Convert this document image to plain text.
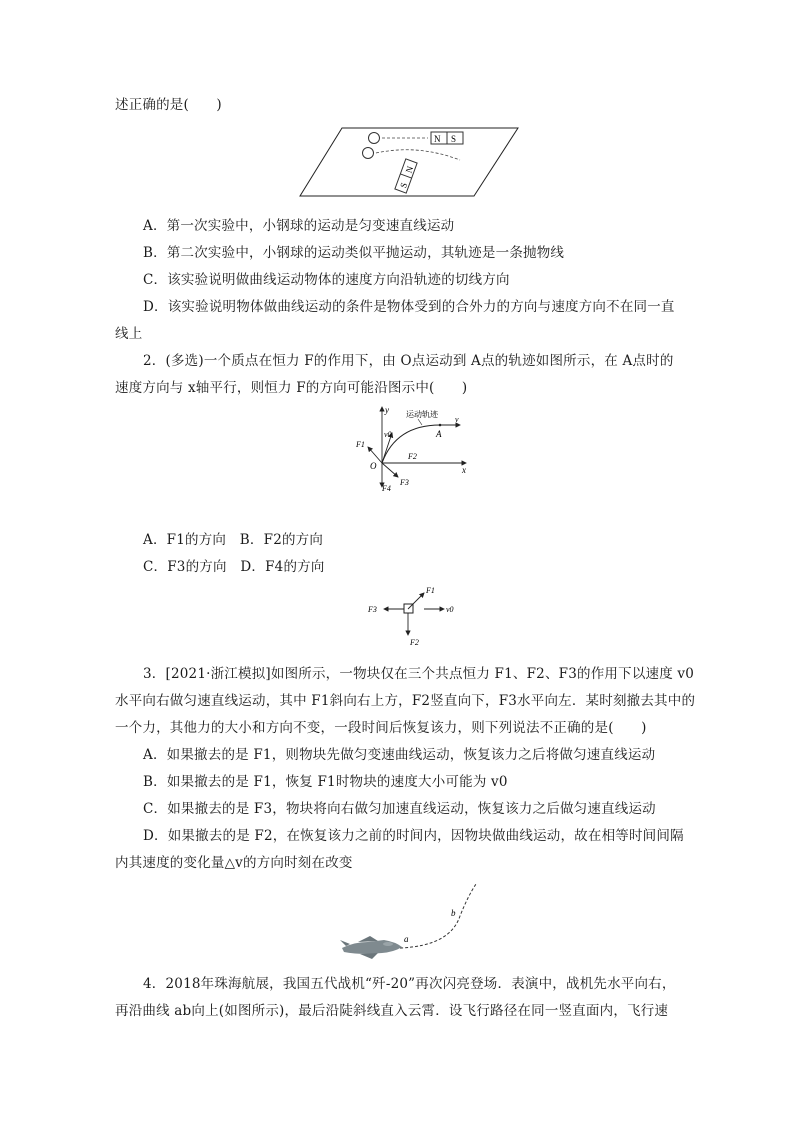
述正确的是(　　)
N S
S
N
A．第一次实验中，小钢球的运动是匀变速直线运动
B．第二次实验中，小钢球的运动类似平抛运动，其轨迹是一条抛物线
C．该实验说明做曲线运动物体的速度方向沿轨迹的切线方向
D．该实验说明物体做曲线运动的条件是物体受到的合外力的方向与速度方向不在同一直
线上
2．(多选)一个质点在恒力 F的作用下，由 O点运动到 A点的轨迹如图所示，在 A点时的
速度方向与 x轴平行，则恒力 F的方向可能沿图示中(　　)
y
x
O
v
A
运动轨迹
v0
F1
F2
F3
F4
A．F1的方向　B．F2的方向
C．F3的方向　D．F4的方向
F1
F2
F3	v0
3．[2021·浙江模拟]如图所示，一物块仅在三个共点恒力 F1、F2、F3的作用下以速度 v0
水平向右做匀速直线运动，其中 F1斜向右上方，F2竖直向下，F3水平向左．某时刻撤去其中的
一个力，其他力的大小和方向不变，一段时间后恢复该力，则下列说法不正确的是(　　)
A．如果撤去的是 F1，则物块先做匀变速曲线运动，恢复该力之后将做匀速直线运动
B．如果撤去的是 F1，恢复 F1时物块的速度大小可能为 v0
C．如果撤去的是 F3，物块将向右做匀加速直线运动，恢复该力之后做匀速直线运动
D．如果撤去的是 F2，在恢复该力之前的时间内，因物块做曲线运动，故在相等时间间隔
内其速度的变化量△v的方向时刻在改变
a
b
4．2018年珠海航展，我国五代战机“歼-20”再次闪亮登场．表演中，战机先水平向右，
再沿曲线 ab向上(如图所示)，最后沿陡斜线直入云霄．设飞行路径在同一竖直面内，飞行速
